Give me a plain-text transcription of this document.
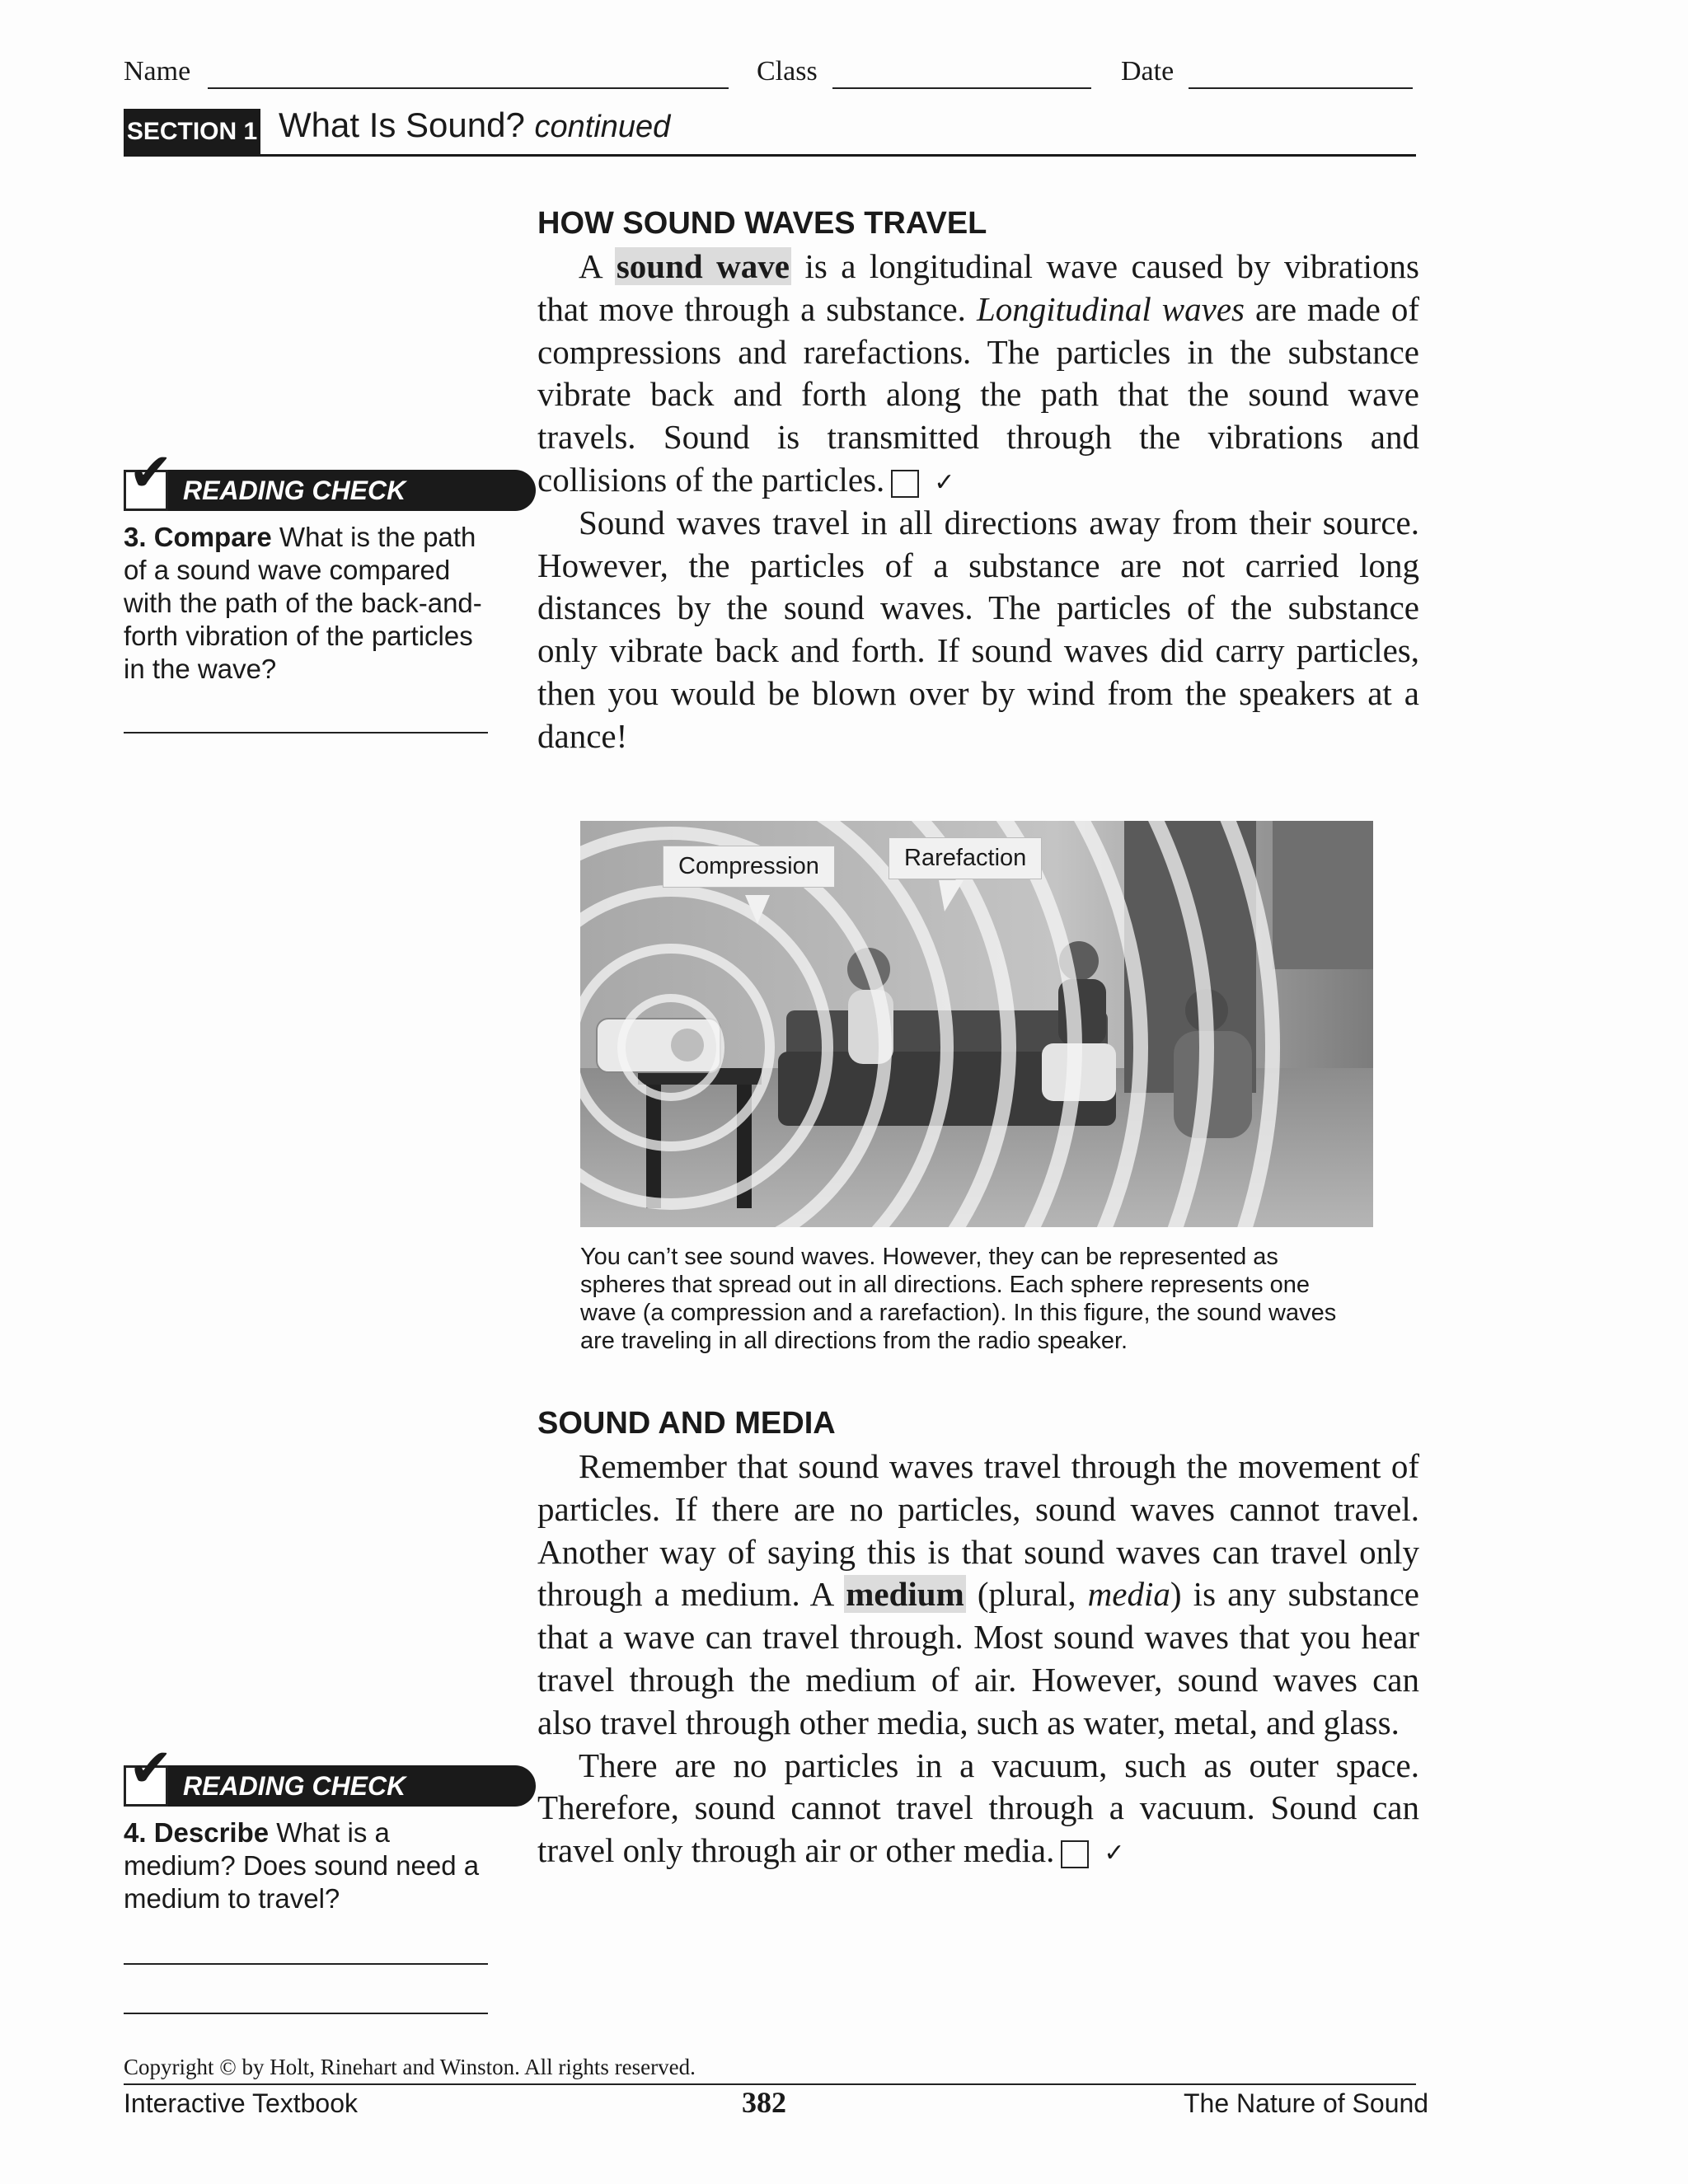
Name	Class	Date
SECTION 1 What Is Sound? continued
HOW SOUND WAVES TRAVEL

A sound wave is a longitudinal wave caused by vibrations that move through a substance. Longitudinal waves are made of compressions and rarefactions. The particles in the substance vibrate back and forth along the path that the sound wave travels. Sound is transmitted through the vibrations and collisions of the particles. ✓

Sound waves travel in all directions away from their source. However, the particles of a substance are not carried long distances by the sound waves. The particles of the substance only vibrate back and forth. If sound waves did carry particles, then you would be blown over by wind from the speakers at a dance!

READING CHECK
✔
3. Compare What is the path of a sound wave compared with the path of the back-and-forth vibration of the particles in the wave?
Compression	Rarefaction
You can’t see sound waves. However, they can be represented as spheres that spread out in all directions. Each sphere represents one wave (a compression and a rarefaction). In this figure, the sound waves are traveling in all directions from the radio speaker.
SOUND AND MEDIA

Remember that sound waves travel through the movement of particles. If there are no particles, sound waves cannot travel. Another way of saying this is that sound waves can travel only through a medium. A medium (plural, media) is any substance that a wave can travel through. Most sound waves that you hear travel through the medium of air. However, sound waves can also travel through other media, such as water, metal, and glass.

There are no particles in a vacuum, such as outer space. Therefore, sound cannot travel through a vacuum. Sound can travel only through air or other media. ✓

READING CHECK
✔
4. Describe What is a medium? Does sound need a medium to travel?
Copyright © by Holt, Rinehart and Winston. All rights reserved.
Interactive Textbook	382	The Nature of Sound
